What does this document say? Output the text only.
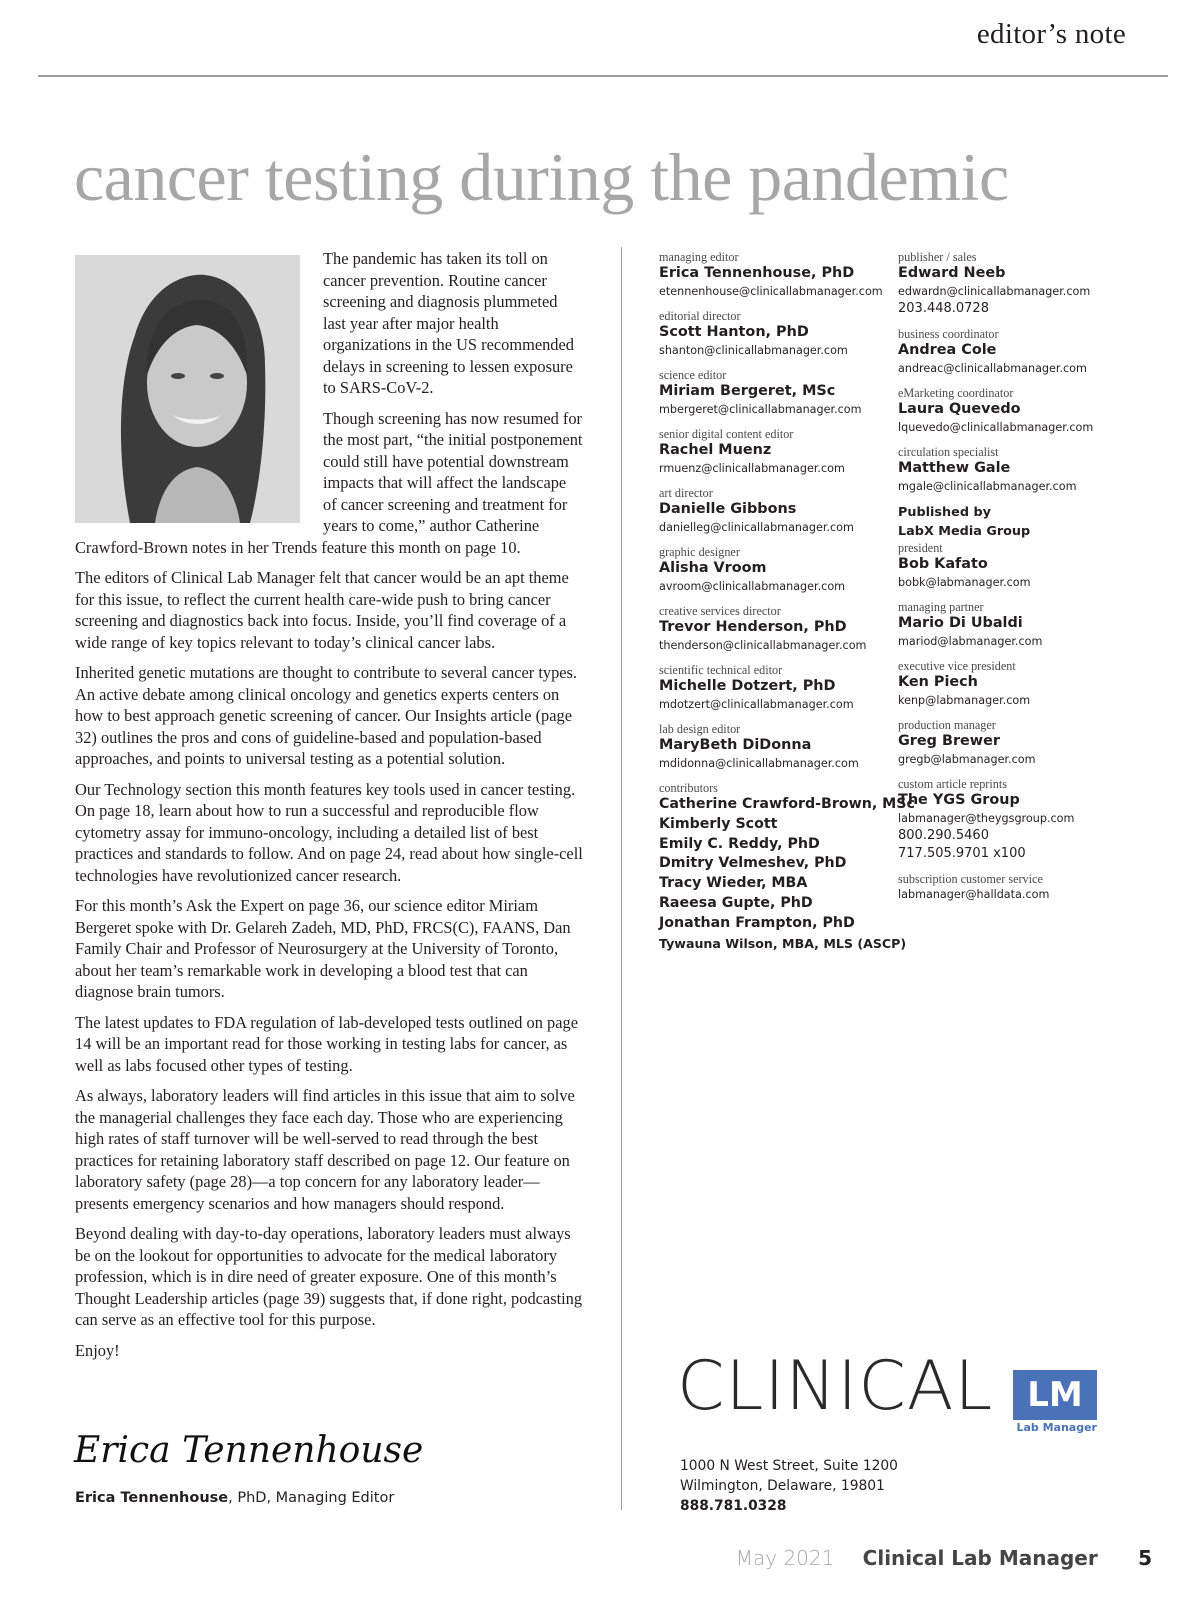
editor’s note
cancer testing during the pandemic

The pandemic has taken its toll on cancer prevention. Routine cancer screening and diagnosis plummeted last year after major health organizations in the US recommended delays in screening to lessen exposure to SARS-CoV-2.

Though screening has now resumed for the most part, “the initial postponement could still have potential downstream impacts that will affect the landscape of cancer screening and treatment for years to come,” author Catherine Crawford-Brown notes in her Trends feature this month on page 10.

The editors of Clinical Lab Manager felt that cancer would be an apt theme for this issue, to reflect the current health care-wide push to bring cancer screening and diagnostics back into focus. Inside, you’ll find coverage of a wide range of key topics relevant to today’s clinical cancer labs.

Inherited genetic mutations are thought to contribute to several cancer types. An active debate among clinical oncology and genetics experts centers on how to best approach genetic screening of cancer. Our Insights article (page 32) outlines the pros and cons of guideline-based and population-based approaches, and points to universal testing as a potential solution.

Our Technology section this month features key tools used in cancer testing. On page 18, learn about how to run a successful and reproducible flow cytometry assay for immuno-oncology, including a detailed list of best practices and standards to follow. And on page 24, read about how single-cell technologies have revolutionized cancer research.

For this month’s Ask the Expert on page 36, our science editor Miriam Bergeret spoke with Dr. Gelareh Zadeh, MD, PhD, FRCS(C), FAANS, Dan Family Chair and Professor of Neurosurgery at the University of Toronto, about her team’s remarkable work in developing a blood test that can diagnose brain tumors.

The latest updates to FDA regulation of lab-developed tests outlined on page 14 will be an important read for those working in testing labs for cancer, as well as labs focused other types of testing.

As always, laboratory leaders will find articles in this issue that aim to solve the managerial challenges they face each day. Those who are experiencing high rates of staff turnover will be well-served to read through the best practices for retaining laboratory staff described on page 12. Our feature on laboratory safety (page 28)—a top concern for any laboratory leader—presents emergency scenarios and how managers should respond.

Beyond dealing with day-to-day operations, laboratory leaders must always be on the lookout for opportunities to advocate for the medical laboratory profession, which is in dire need of greater exposure. One of this month’s Thought Leadership articles (page 39) suggests that, if done right, podcasting can serve as an effective tool for this purpose.

Enjoy!

Erica Tennenhouse
Erica Tennenhouse, PhD, Managing Editor
managing editor
Erica Tennenhouse, PhD
etennenhouse@clinicallabmanager.com
editorial director
Scott Hanton, PhD
shanton@clinicallabmanager.com
science editor
Miriam Bergeret, MSc
mbergeret@clinicallabmanager.com
senior digital content editor
Rachel Muenz
rmuenz@clinicallabmanager.com
art director
Danielle Gibbons
danielleg@clinicallabmanager.com
graphic designer
Alisha Vroom
avroom@clinicallabmanager.com
creative services director
Trevor Henderson, PhD
thenderson@clinicallabmanager.com
scientific technical editor
Michelle Dotzert, PhD
mdotzert@clinicallabmanager.com
lab design editor
MaryBeth DiDonna
mdidonna@clinicallabmanager.com
contributors
Catherine Crawford-Brown, MSc
Kimberly Scott
Emily C. Reddy, PhD
Dmitry Velmeshev, PhD
Tracy Wieder, MBA
Raeesa Gupte, PhD
Jonathan Frampton, PhD
Tywauna Wilson, MBA, MLS (ASCP)
publisher / sales
Edward Neeb
edwardn@clinicallabmanager.com
203.448.0728
business coordinator
Andrea Cole
andreac@clinicallabmanager.com
eMarketing coordinator
Laura Quevedo
lquevedo@clinicallabmanager.com
circulation specialist
Matthew Gale
mgale@clinicallabmanager.com
Published by
LabX Media Group
president
Bob Kafato
bobk@labmanager.com
managing partner
Mario Di Ubaldi
mariod@labmanager.com
executive vice president
Ken Piech
kenp@labmanager.com
production manager
Greg Brewer
gregb@labmanager.com
custom article reprints
The YGS Group
labmanager@theygsgroup.com
800.290.5460
717.505.9701 x100
subscription customer service
labmanager@halldata.com
CLINICAL	LM
Lab Manager
1000 N West Street, Suite 1200
Wilmington, Delaware, 19801
888.781.0328
May 2021 Clinical Lab Manager 5
